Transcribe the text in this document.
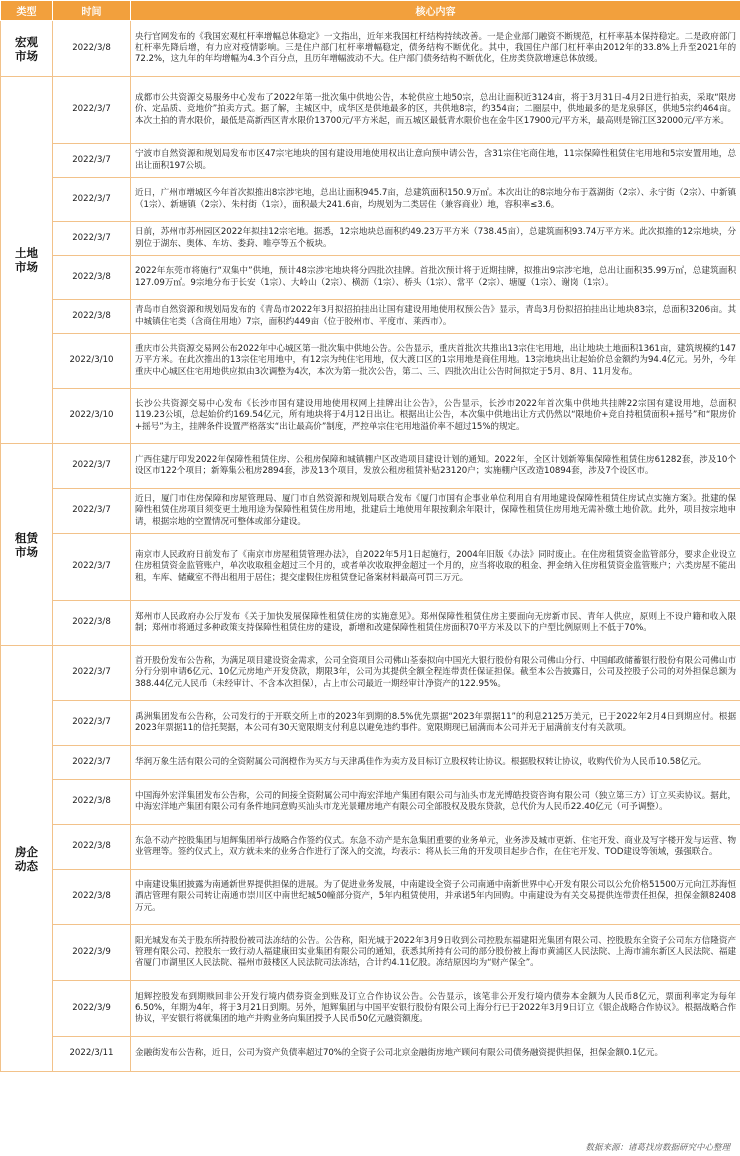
类型	时间	核心内容

宏观
市场	2022/3/8	央行官网发布的《我国宏观杠杆率增幅总体稳定》一文指出，近年来我国杠杆结构持续改善。一是企业部门融资不断规范，杠杆率基本保持稳定。二是政府部门杠杆率先降后增，有力应对疫情影响。三是住户部门杠杆率增幅稳定，债务结构不断优化。其中，我国住户部门杠杆率由2012年的33.8%上升至2021年的72.2%，这九年的年均增幅为4.3个百分点，且历年增幅波动不大。住户部门债务结构不断优化，住房类贷款增速总体放缓。

土地
市场	2022/3/7	成都市公共资源交易服务中心发布了2022年第一批次集中供地公告，本轮供应土地50宗，总出让面积近3124亩，将于3月31日-4月2日进行拍卖，采取“限房价、定品质、竞地价”拍卖方式。据了解，主城区中，成华区是供地最多的区，共供地8宗，约354亩；二圈层中，供地最多的是龙泉驿区，供地5宗约464亩。本次土拍的青水限价，最低是高新西区青水限价13700元/平方米起，而五城区最低青水限价也在金牛区17900元/平方米，最高则是锦江区32000元/平方米。
	2022/3/7	宁波市自然资源和规划局发布市区47宗宅地块的国有建设用地使用权出让意向预申请公告，含31宗住宅商住地，11宗保障性租赁住宅用地和5宗安置用地，总出让面积197公顷。
	2022/3/7	近日，广州市增城区今年首次拟推出8宗涉宅地，总出让面积945.7亩，总建筑面积150.9万㎡。本次出让的8宗地分布于荔湖街（2宗）、永宁街（2宗）、中新镇（1宗）、新塘镇（2宗）、朱村街（1宗），面积最大241.6亩，均规划为二类居住（兼容商业）地，容积率≤3.6。
	2022/3/7	日前，苏州市苏州园区2022年拟挂12宗宅地。据悉，12宗地块总面积约49.23万平方米（738.45亩），总建筑面积93.74万平方米。此次拟推的12宗地块，分别位于湖东、奥体、车坊、娄葑、唯亭等五个板块。
	2022/3/8	2022年东莞市将施行“双集中”供地，预计48宗涉宅地块将分四批次挂牌。首批次预计将于近期挂牌，拟推出9宗涉宅地，总出让面积35.99万㎡，总建筑面积127.09万㎡。9宗地分布于长安（1宗）、大岭山（2宗）、横沥（1宗）、桥头（1宗）、常平（2宗）、塘厦（1宗）、谢岗（1宗）。
	2022/3/8	青岛市自然资源和规划局发布的《青岛市2022年3月拟招拍挂出让国有建设用地使用权预公告》显示，青岛3月份拟招拍挂出让地块83宗，总面积3206亩。其中城镇住宅类（含商住用地）7宗，面积约449亩（位于胶州市、平度市、莱西市）。
	2022/3/10	重庆市公共资源交易网公布2022年中心城区第一批次集中供地公告。公告显示，重庆首批次共推出13宗住宅用地，出让地块土地面积1361亩，建筑规模约147万平方米。在此次推出的13宗住宅用地中，有12宗为纯住宅用地，仅大渡口区的1宗用地是商住用地。13宗地块出让起始价总金额约为94.4亿元。另外，今年重庆中心城区住宅用地供应拟由3次调整为4次，本次为第一批次公告，第二、三、四批次出让公告时间拟定于5月、8月、11月发布。
	2022/3/10	长沙公共资源交易中心发布《长沙市国有建设用地使用权网上挂牌出让公告》，公告显示，长沙市2022年首次集中供地共挂牌22宗国有建设用地，总面积119.23公顷，总起始价约169.54亿元，所有地块将于4月12日出让。根据出让公告，本次集中供地出让方式仍然以“限地价+竞自持租赁面积+摇号”和“限房价+摇号”为主，挂牌条件设置严格落实“出让最高价”制度，严控单宗住宅用地溢价率不超过15%的规定。

租赁
市场	2022/3/7	广西住建厅印发2022年保障性租赁住房、公租房保障和城镇棚户区改造项目建设计划的通知。2022年，全区计划新筹集保障性租赁住房61282套，涉及10个设区市122个项目；新筹集公租房2894套，涉及13个项目，发放公租房租赁补贴23120户；实施棚户区改造10894套，涉及7个设区市。
	2022/3/7	近日，厦门市住房保障和房屋管理局、厦门市自然资源和规划局联合发布《厦门市国有企事业单位利用自有用地建设保障性租赁住房试点实施方案》。批建的保障性租赁住房项目须变更土地用途为保障性租赁住房用地，批建后土地使用年限按剩余年限计，保障性租赁住房用地无需补缴土地价款。此外，项目按宗地申请，根据宗地的空置情况可整体或部分建设。
	2022/3/7	南京市人民政府日前发布了《南京市房屋租赁管理办法》，自2022年5月1日起施行，2004年旧版《办法》同时废止。在住房租赁资金监管部分，要求企业设立住房租赁资金监管账户，单次收取租金超过三个月的，或者单次收取押金超过一个月的，应当将收取的租金、押金纳入住房租赁资金监管账户；六类房屋不能出租，车库、储藏室不得出租用于居住；提交虚假住房租赁登记备案材料最高可罚三万元。
	2022/3/8	郑州市人民政府办公厅发布《关于加快发展保障性租赁住房的实施意见》。郑州保障性租赁住房主要面向无房新市民、青年人供应，原则上不设户籍和收入限制；郑州市将通过多种政策支持保障性租赁住房的建设，新增和改建保障性租赁住房面积70平方米及以下的户型比例原则上不低于70%。

房企
动态	2022/3/7	首开股份发布公告称，为满足项目建设资金需求，公司全资项目公司佛山荃泰拟向中国光大银行股份有限公司佛山分行、中国邮政储蓄银行股份有限公司佛山市分行分别申请6亿元、10亿元房地产开发贷款，期限3年，公司为其提供全额全程连带责任保证担保。截至本公告披露日，公司及控股子公司的对外担保总额为388.44亿元人民币（未经审计、不含本次担保），占上市公司最近一期经审计净资产的122.95%。
	2022/3/7	禹洲集团发布公告称，公司发行的于开联交所上市的2023年到期的8.5%优先票据“2023年票据11”的利息2125万美元，已于2022年2月4日到期应付。根据2023年票据11的信托契据，本公司有30天宽限期支付利息以避免违约事件。宽限期现已届满而本公司并无于届满前支付有关款项。
	2022/3/7	华润万象生活有限公司的全资附属公司润橙作为买方与天津禹佳作为卖方及目标订立股权转让协议。根据股权转让协议，收购代价为人民币10.58亿元。
	2022/3/8	中国海外宏洋集团发布公告称，公司的间接全资附属公司中海宏洋地产集团有限公司与汕头市龙光博皓投资咨询有限公司（独立第三方）订立买卖协议。据此，中海宏洋地产集团有限公司有条件地同意购买汕头市龙光景耀房地产有限公司全部股权及股东贷款，总代价为人民币22.40亿元（可予调整）。
	2022/3/8	东急不动产控股集团与旭辉集团举行战略合作签约仪式。东急不动产是东急集团重要的业务单元，业务涉及城市更新、住宅开发、商业及写字楼开发与运营、物业管理等。签约仪式上，双方就未来的业务合作进行了深入的交流，均表示：将从长三角的开发项目起步合作，在住宅开发、TOD建设等领域，强强联合。
	2022/3/8	中南建设集团披露为南通新世界提供担保的进展。为了促进业务发展，中南建设全资子公司南通中南新世界中心开发有限公司以公允价格51500万元向江苏海恒酒店管理有限公司转让南通市崇川区中南世纪城50幢部分资产，5年内租赁使用，并承诺5年内回购。中南建设为有关交易提供连带责任担保，担保金额82408万元。
	2022/3/9	阳光城发布关于股东所持股份被司法冻结的公告。公告称，阳光城于2022年3月9日收到公司控股东福建阳光集团有限公司、控股股东全资子公司东方信隆资产管理有限公司、控股东一致行动人福建康田实业集团有限公司的通知，获悉其所持有公司的部分股份被上海市黄浦区人民法院、上海市浦东新区人民法院、福建省厦门市湖里区人民法院、福州市鼓楼区人民法院司法冻结，合计约4.11亿股。冻结原因均为“财产保全”。
	2022/3/9	旭辉控股发布到期赎回非公开发行境内债券资金到账及订立合作协议公告。公告显示，该笔非公开发行境内债券本金额为人民币8亿元，票面利率定为每年6.50%，年期为4年，将于3月21日到期。另外，旭辉集团与中国平安银行股份有限公司上海分行已于2022年3月9日订立《银企战略合作协议》。根据战略合作协议，平安银行将就集团的地产并购业务向集团授予人民币50亿元融资额度。
	2022/3/11	金融街发布公告称，近日，公司为资产负债率超过70%的全资子公司北京金融街房地产顾问有限公司债务融资提供担保，担保金额0.1亿元。
数据来源：诸葛找房数据研究中心整理
